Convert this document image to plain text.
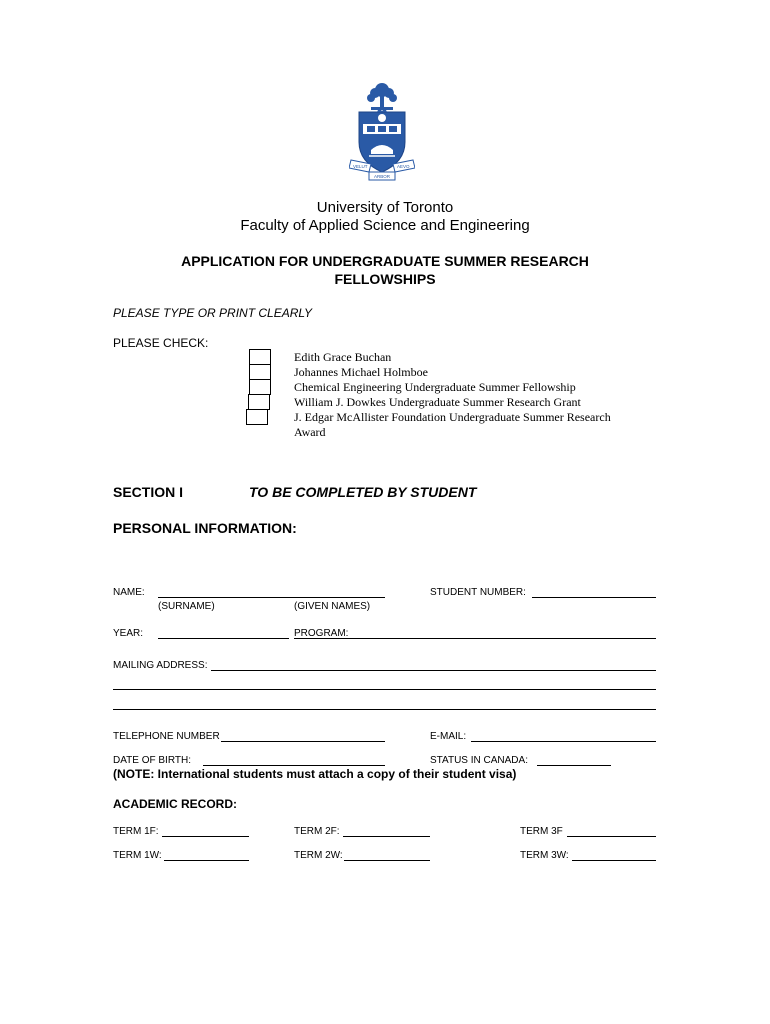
VELUT	AEVO
ARBOR
University of Toronto
Faculty of Applied Science and Engineering
APPLICATION FOR UNDERGRADUATE SUMMER RESEARCH
FELLOWSHIPS
PLEASE TYPE OR PRINT CLEARLY
PLEASE CHECK:
Edith Grace Buchan
Johannes Michael Holmboe
Chemical Engineering Undergraduate Summer Fellowship
William J. Dowkes Undergraduate Summer Research Grant
J. Edgar McAllister Foundation Undergraduate Summer Research
Award
SECTION I	TO BE COMPLETED BY STUDENT
PERSONAL INFORMATION:
NAME:	STUDENT NUMBER:
(SURNAME)	(GIVEN NAMES)
YEAR:	PROGRAM:
MAILING ADDRESS:
TELEPHONE NUMBER	E-MAIL:
DATE OF BIRTH:	STATUS IN CANADA:
(NOTE: International students must attach a copy of their student visa)
ACADEMIC RECORD:
TERM 1F:	TERM 2F:	TERM 3F
TERM 1W:	TERM 2W:	TERM 3W:
